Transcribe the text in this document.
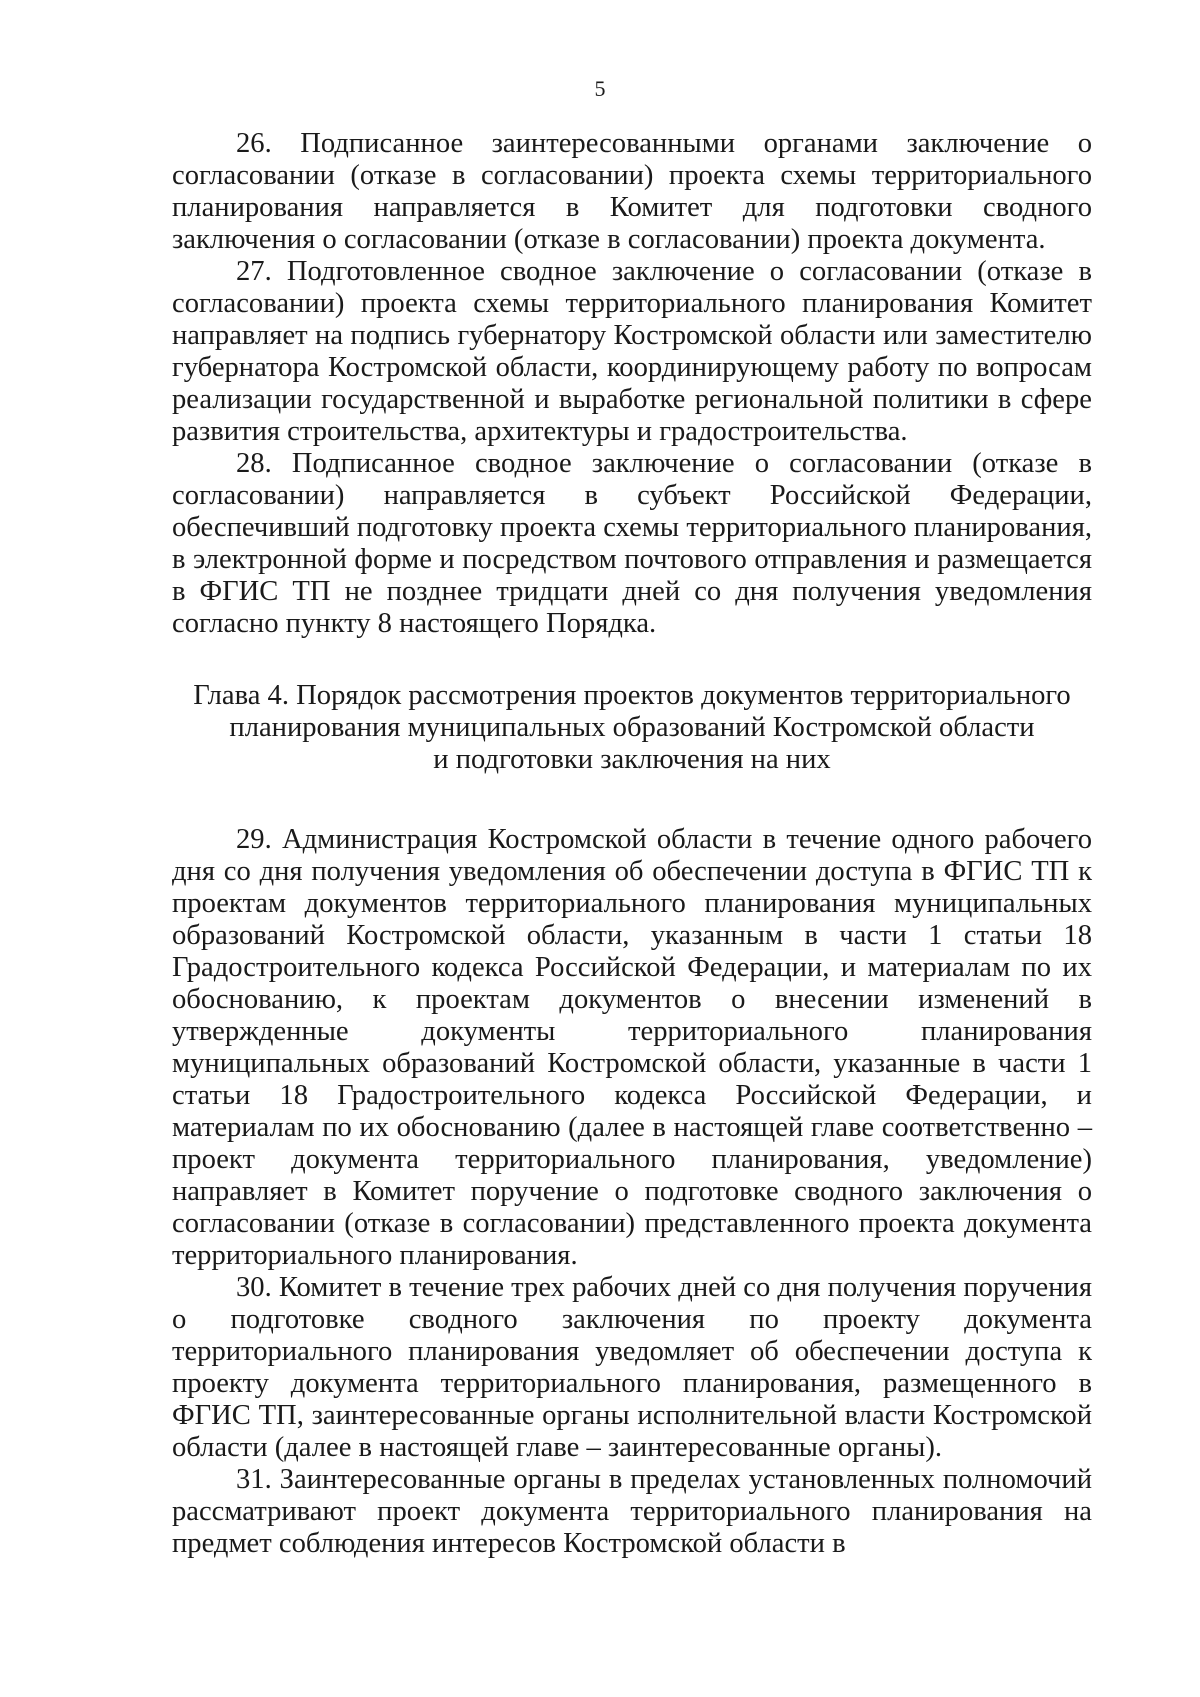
5

26. Подписанное заинтересованными органами заключение о согласовании (отказе в согласовании) проекта схемы территориального планирования направляется в Комитет для подготовки сводного заключения о согласовании (отказе в согласовании) проекта документа.

27. Подготовленное сводное заключение о согласовании (отказе в согласовании) проекта схемы территориального планирования Комитет направляет на подпись губернатору Костромской области или заместителю губернатора Костромской области, координирующему работу по вопросам реализации государственной и выработке региональной политики в сфере развития строительства, архитектуры и градостроительства.

28. Подписанное сводное заключение о согласовании (отказе в согласовании) направляется в субъект Российской Федерации, обеспечивший подготовку проекта схемы территориального планирования, в электронной форме и посредством почтового отправления и размещается в ФГИС ТП не позднее тридцати дней со дня получения уведомления согласно пункту 8 настоящего Порядка.

Глава 4. Порядок рассмотрения проектов документов территориального
планирования муниципальных образований Костромской области
и подготовки заключения на них

29. Администрация Костромской области в течение одного рабочего дня со дня получения уведомления об обеспечении доступа в ФГИС ТП к проектам документов территориального планирования муниципальных образований Костромской области, указанным в части 1 статьи 18 Градостроительного кодекса Российской Федерации, и материалам по их обоснованию, к проектам документов о внесении изменений в утвержденные документы территориального планирования муниципальных образований Костромской области, указанные в части 1 статьи 18 Градостроительного кодекса Российской Федерации, и материалам по их обоснованию (далее в настоящей главе соответственно – проект документа территориального планирования, уведомление) направляет в Комитет поручение о подготовке сводного заключения о согласовании (отказе в согласовании) представленного проекта документа территориального планирования.

30. Комитет в течение трех рабочих дней со дня получения поручения о подготовке сводного заключения по проекту документа территориального планирования уведомляет об обеспечении доступа к проекту документа территориального планирования, размещенного в ФГИС ТП, заинтересованные органы исполнительной власти Костромской области (далее в настоящей главе – заинтересованные органы).

31. Заинтересованные органы в пределах установленных полномочий рассматривают проект документа территориального планирования на предмет соблюдения интересов Костромской области в
